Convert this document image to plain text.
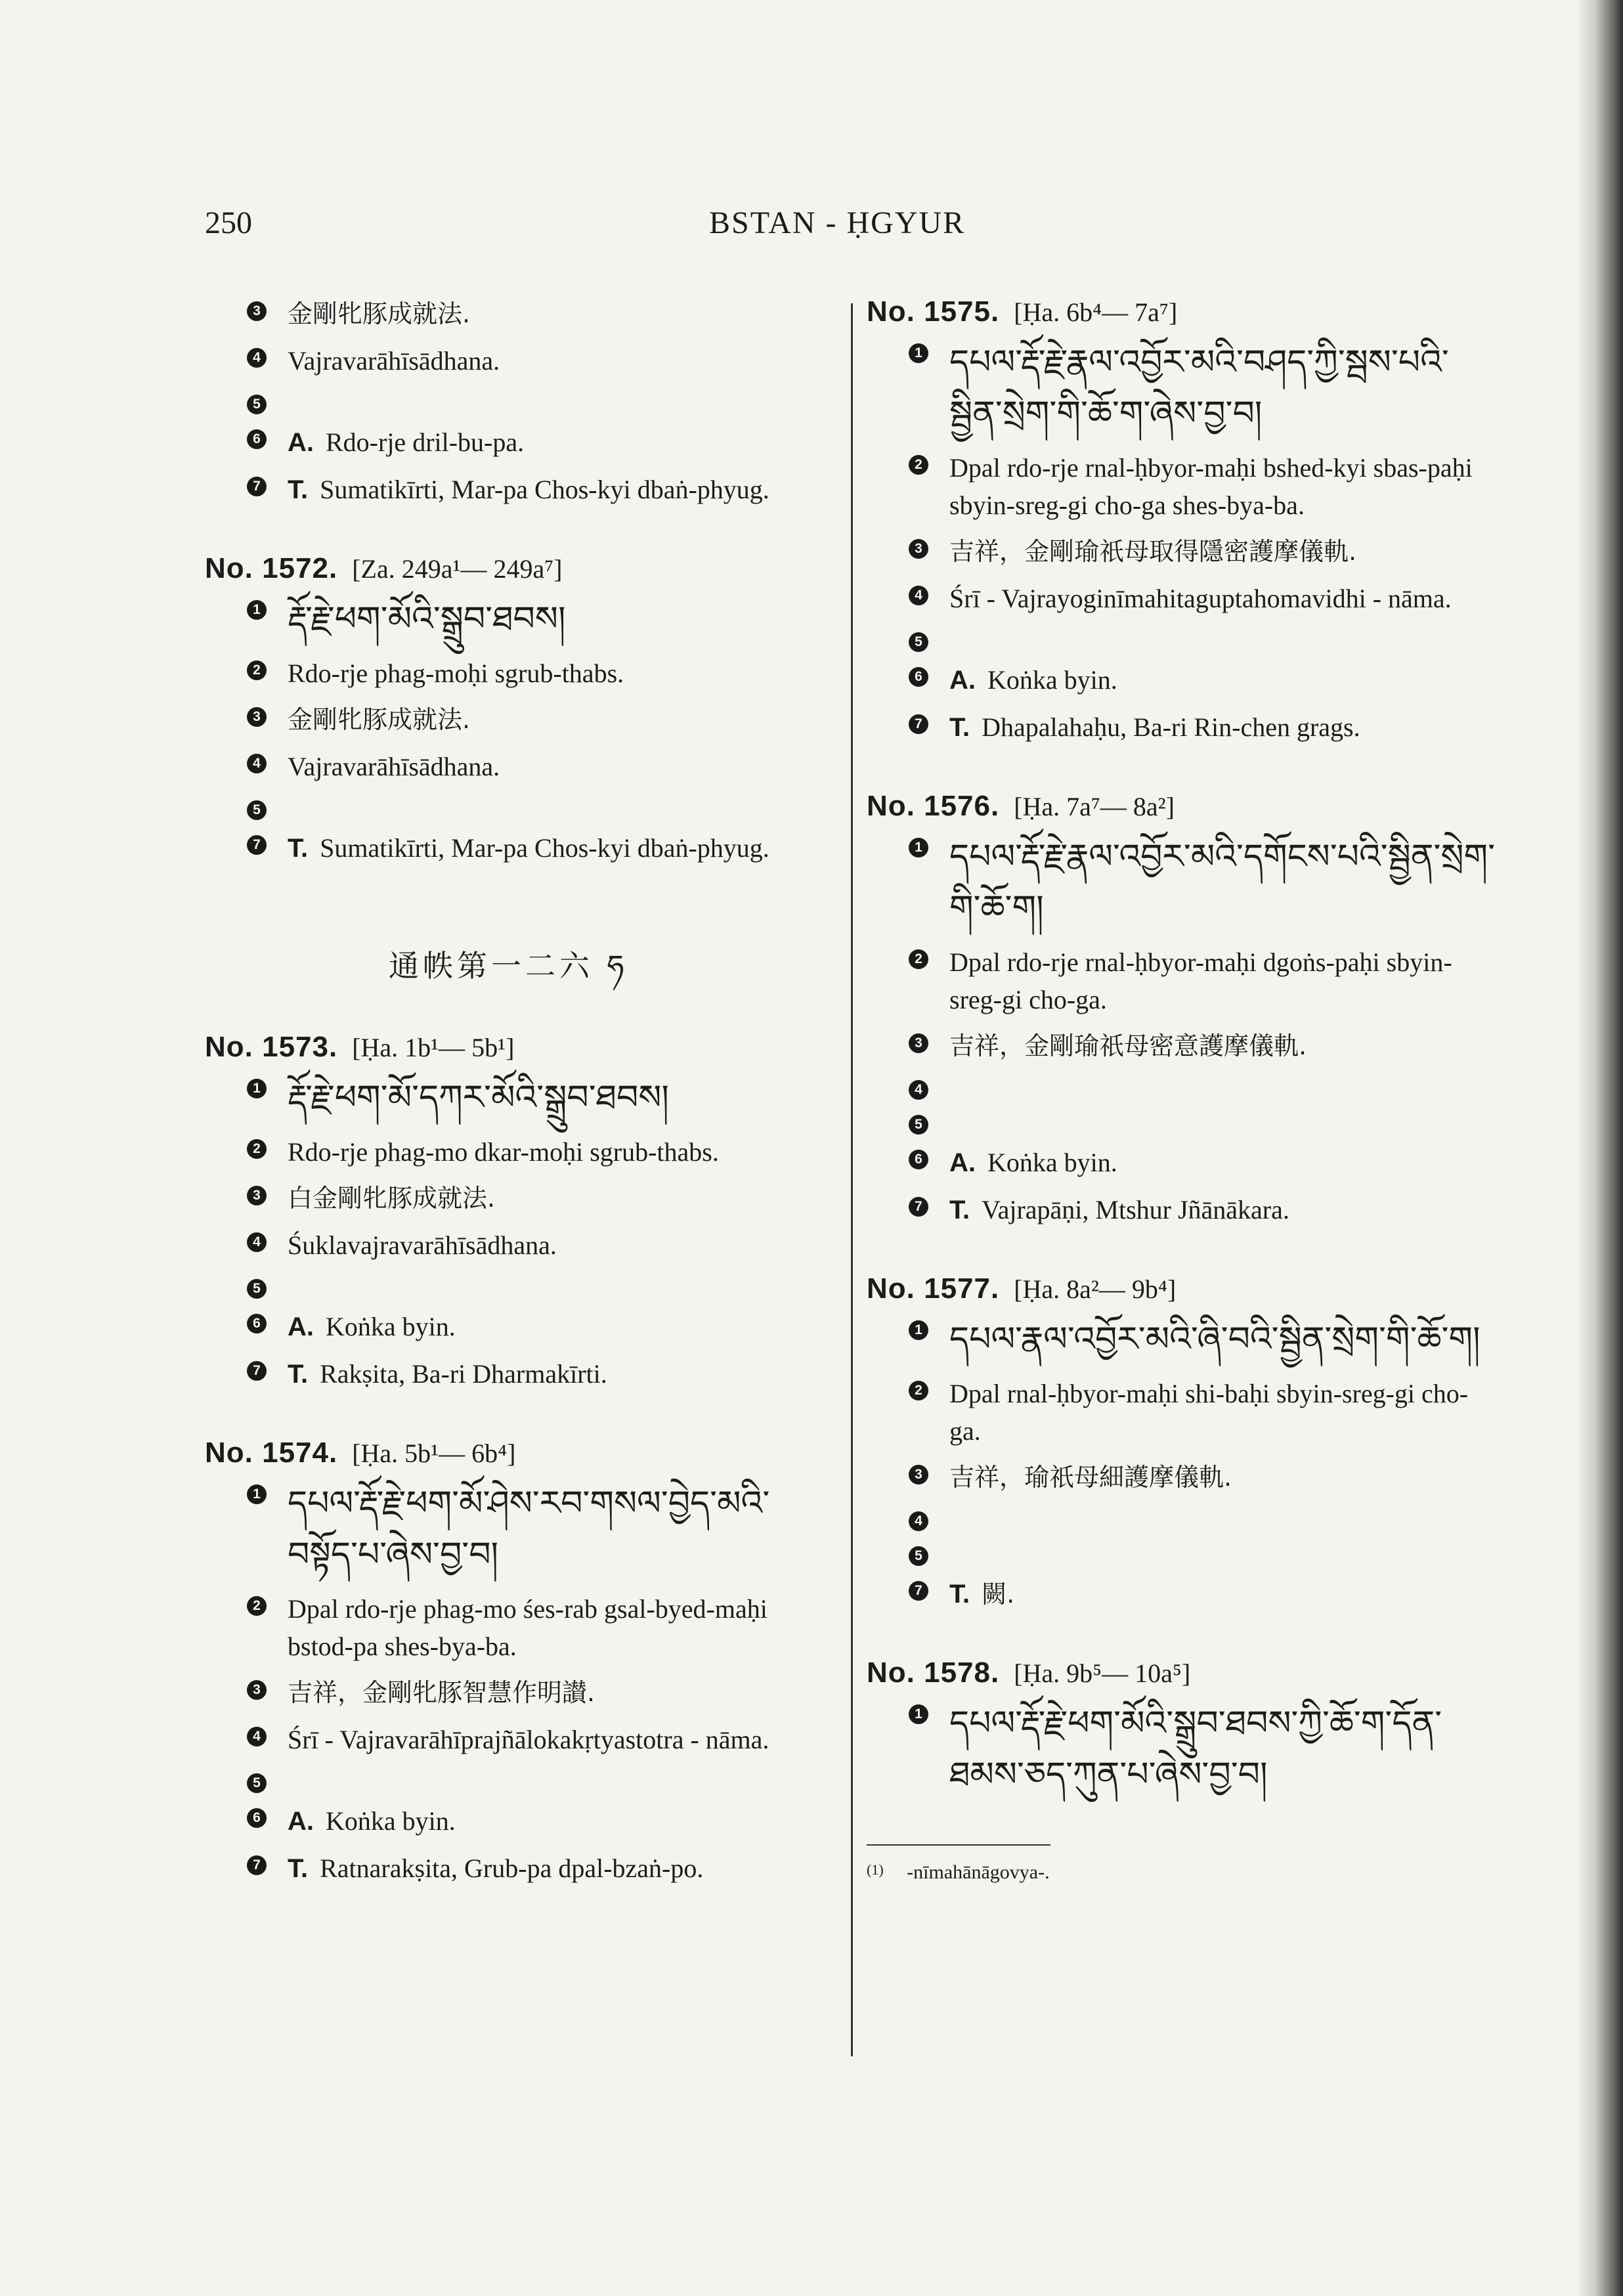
250	BSTAN - ḤGYUR
3 金剛牝豚成就法.
4 Vajravarāhīsādhana.
5
6 A. Rdo-rje dril-bu-pa.
7 T. Sumatikīrti, Mar-pa Chos-kyi dbaṅ-phyug.
No. 1572. [Za. 249a¹— 249a⁷]
1 རྡོ་རྗེ་ཕག་མོའི་སྒྲུབ་ཐབས།
2 Rdo-rje phag-moḥi sgrub-thabs.
3 金剛牝豚成就法.
4 Vajravarāhīsādhana.
5
7 T. Sumatikīrti, Mar-pa Chos-kyi dbaṅ-phyug.
通帙第一二六 ཧ
No. 1573. [Ḥa. 1b¹— 5b¹]
1 རྡོ་རྗེ་ཕག་མོ་དཀར་མོའི་སྒྲུབ་ཐབས།
2 Rdo-rje phag-mo dkar-moḥi sgrub-thabs.
3 白金剛牝豚成就法.
4 Śuklavajravarāhīsādhana.
5
6 A. Koṅka byin.
7 T. Rakṣita, Ba-ri Dharmakīrti.
No. 1574. [Ḥa. 5b¹— 6b⁴]
1 དཔལ་རྡོ་རྗེ་ཕག་མོ་ཤེས་རབ་གསལ་བྱེད་མའི་བསྟོད་པ་ཞེས་བྱ་བ།
2 Dpal rdo-rje phag-mo śes-rab gsal-byed-maḥi bstod-pa shes-bya-ba.
3 吉祥，金剛牝豚智慧作明讃.
4 Śrī - Vajravarāhīprajñālokakṛtyastotra - nāma.
5
6 A. Koṅka byin.
7 T. Ratnarakṣita, Grub-pa dpal-bzaṅ-po.
No. 1575. [Ḥa. 6b⁴— 7a⁷]
1 དཔལ་རྡོ་རྗེ་རྣལ་འབྱོར་མའི་བཤད་ཀྱི་སྦས་པའི་སྦྱིན་སྲེག་གི་ཆོ་ག་ཞེས་བྱ་བ།
2 Dpal rdo-rje rnal-ḥbyor-maḥi bshed-kyi sbas-paḥi sbyin-sreg-gi cho-ga shes-bya-ba.
3 吉祥，金剛瑜祇母取得隱密護摩儀軌.
4 Śrī - Vajrayoginīmahitaguptahomavidhi - nāma.
5
6 A. Koṅka byin.
7 T. Dhapalahaḥu, Ba-ri Rin-chen grags.
No. 1576. [Ḥa. 7a⁷— 8a²]
1 དཔལ་རྡོ་རྗེ་རྣལ་འབྱོར་མའི་དགོངས་པའི་སྦྱིན་སྲེག་གི་ཆོ་ག།
2 Dpal rdo-rje rnal-ḥbyor-maḥi dgoṅs-paḥi sbyin-sreg-gi cho-ga.
3 吉祥，金剛瑜祇母密意護摩儀軌.
4
5
6 A. Koṅka byin.
7 T. Vajrapāṇi, Mtshur Jñānākara.
No. 1577. [Ḥa. 8a²— 9b⁴]
1 དཔལ་རྣལ་འབྱོར་མའི་ཞི་བའི་སྦྱིན་སྲེག་གི་ཆོ་ག།
2 Dpal rnal-ḥbyor-maḥi shi-baḥi sbyin-sreg-gi cho-ga.
3 吉祥，瑜祇母細護摩儀軌.
4
5
7 T. 闕.
No. 1578. [Ḥa. 9b⁵— 10a⁵]
1 དཔལ་རྡོ་རྗེ་ཕག་མོའི་སྒྲུབ་ཐབས་ཀྱི་ཆོ་ག་དོན་ཐམས་ཅད་ཀུན་པ་ཞེས་བྱ་བ།
$^{(1)}$ -nīmahānāgovya-.
